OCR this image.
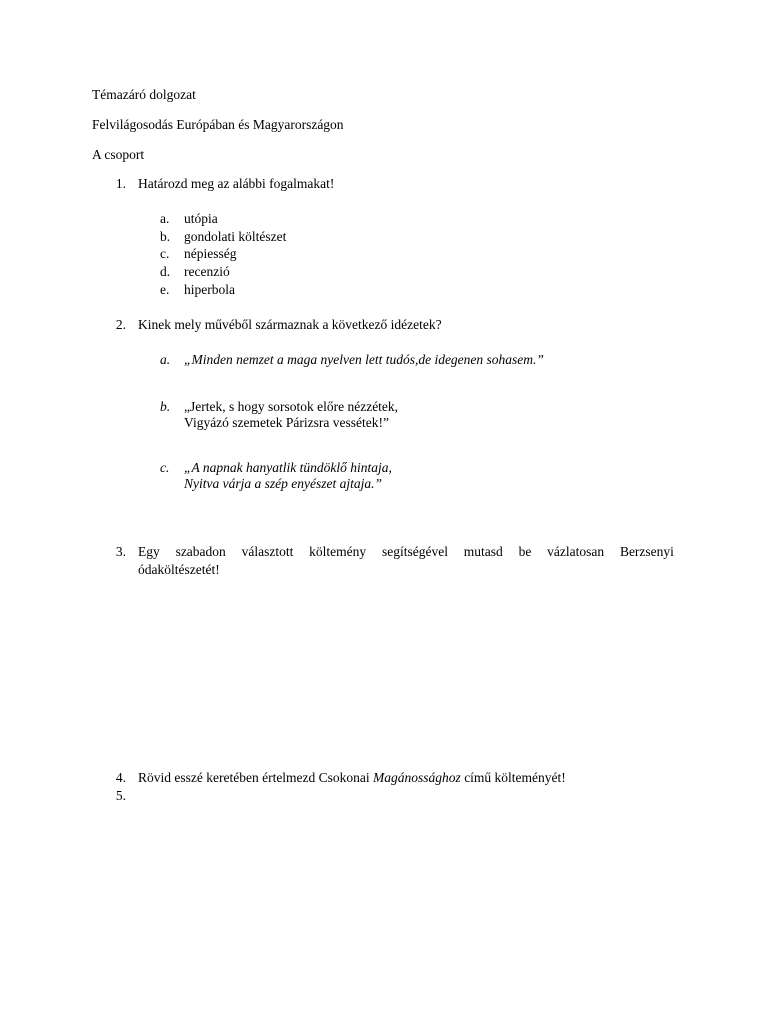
Témazáró dolgozat
Felvilágosodás Európában és Magyarországon
A csoport
1. Határozd meg az alábbi fogalmakat!
a. utópia
b. gondolati költészet
c. népiesség
d. recenzió
e. hiperbola
2. Kinek mely művéből származnak a következő idézetek?
a. „Minden nemzet a maga nyelven lett tudós,de idegenen sohasem.”
b. „Jertek, s hogy sorsotok előre nézzétek,
Vigyázó szemetek Párizsra vessétek!”
c. „A napnak hanyatlik tündöklő hintaja,
Nyitva várja a szép enyészet ajtaja.”
3. Egy szabadon választott költemény segítségével mutasd be vázlatosan Berzsenyi
ódaköltészetét!
4. Rövid esszé keretében értelmezd Csokonai Magánossághoz című költeményét!
5.
